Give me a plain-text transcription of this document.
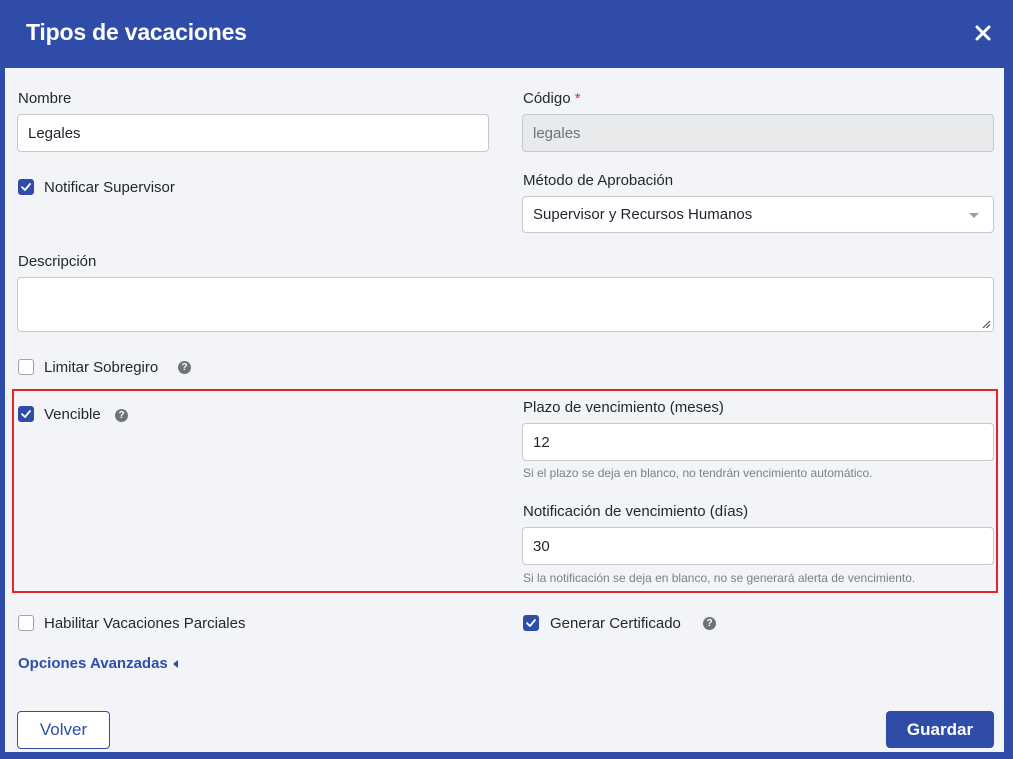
Tipos de vacaciones
Nombre
Legales
Código *
legales
Notificar Supervisor	Método de Aprobación
Supervisor y Recursos Humanos
Descripción
Limitar Sobregiro	?
Vencible	?	Plazo de vencimiento (meses)
12
Si el plazo se deja en blanco, no tendrán vencimiento automático.
Notificación de vencimiento (días)
30
Si la notificación se deja en blanco, no se generará alerta de vencimiento.
Habilitar Vacaciones Parciales	Generar Certificado	?
Opciones Avanzadas
Volver	Guardar
